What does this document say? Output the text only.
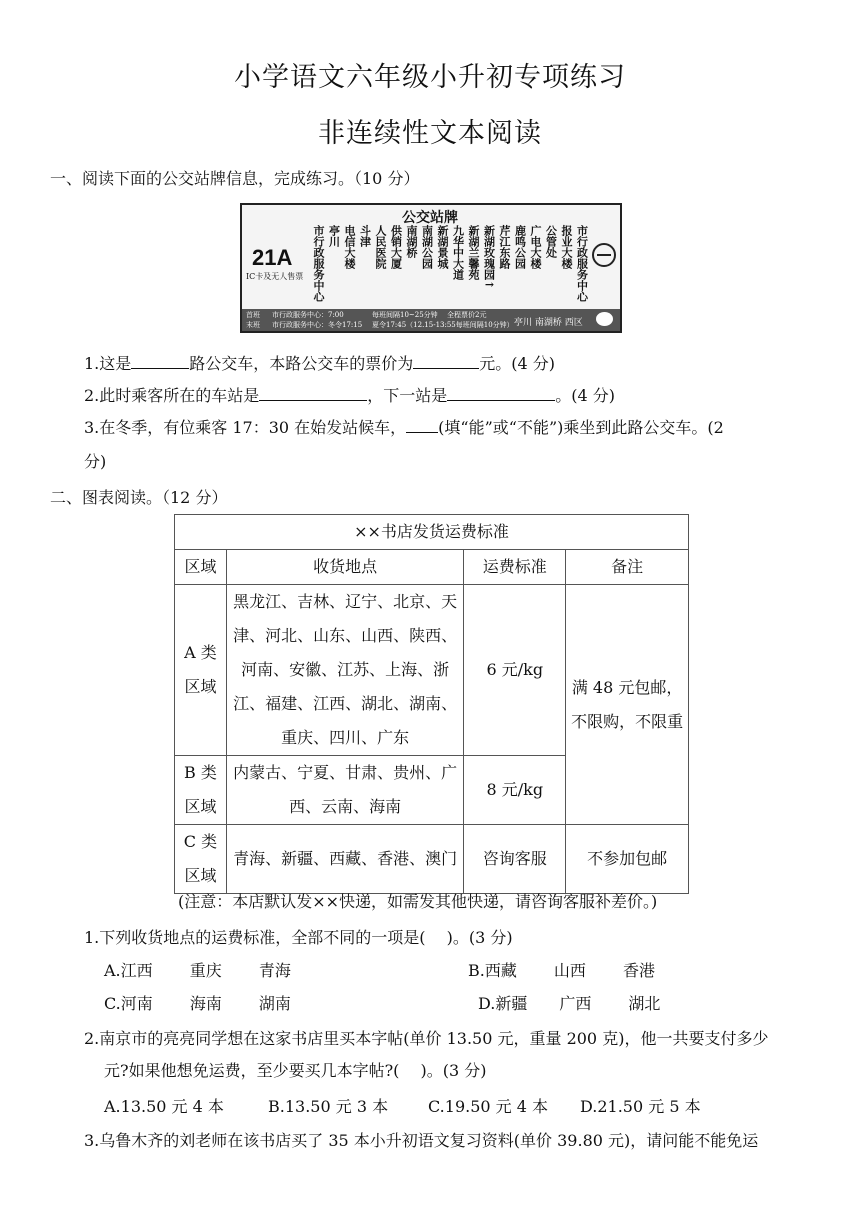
小学语文六年级小升初专项练习
非连续性文本阅读
一、阅读下面的公交站牌信息，完成练习。（10 分）
公交站牌
21A
IC卡及无人售票 市行政服务中心 亭川 电信大楼 斗津 人民医院 供销大厦 南湖桥 南湖公园 新湖景城 九华中大道 新湖兰馨苑 新湖玫瑰园↑ 芹江东路 鹿鸣公园 广电大楼 公管处 报业大楼 市行政服务中心
首班 市行政服务中心：7:00
末班 市行政服务中心：冬令17:15
每班间隔10~25分钟
夏令17:45（12.15-13:55每班间隔10分钟）
全程票价2元
亭川 南湖桥 西区
1.这是	路公交车，本路公交车的票价为	元。(4 分)
2.此时乘客所在的车站是	，下一站是	。(4 分)
3.在冬季，有位乘客 17：30 在始发站候车， (填“能”或“不能”)乘坐到此路公交车。(2
分)
二、图表阅读。（12 分）
××书店发货运费标准			
区域	收货地点	运费标准	备注
A 类区域	黑龙江、吉林、辽宁、北京、天津、河北、山东、山西、陕西、河南、安徽、江苏、上海、浙江、福建、江西、湖北、湖南、重庆、四川、广东	6 元/kg	满 48 元包邮，不限购，不限重
B 类区域	内蒙古、宁夏、甘肃、贵州、广西、云南、海南	8 元/kg	
C 类区域	青海、新疆、西藏、香港、澳门	咨询客服	不参加包邮
(注意：本店默认发××快递，如需发其他快递，请咨询客服补差价。)
1.下列收货地点的运费标准，全部不同的一项是(　 )。(3 分)
A.江西　　 重庆　　 青海	B.西藏　　 山西　　 香港
C.河南　　 海南　　 湖南	D.新疆　　广西　　 湖北
2.南京市的亮亮同学想在这家书店里买本字帖(单价 13.50 元，重量 200 克)，他一共要支付多少
元?如果他想免运费，至少要买几本字帖?(　 )。(3 分)
A.13.50 元 4 本	B.13.50 元 3 本 C.19.50 元 4 本 D.21.50 元 5 本
3.乌鲁木齐的刘老师在该书店买了 35 本小升初语文复习资料(单价 39.80 元)，请问能不能免运
